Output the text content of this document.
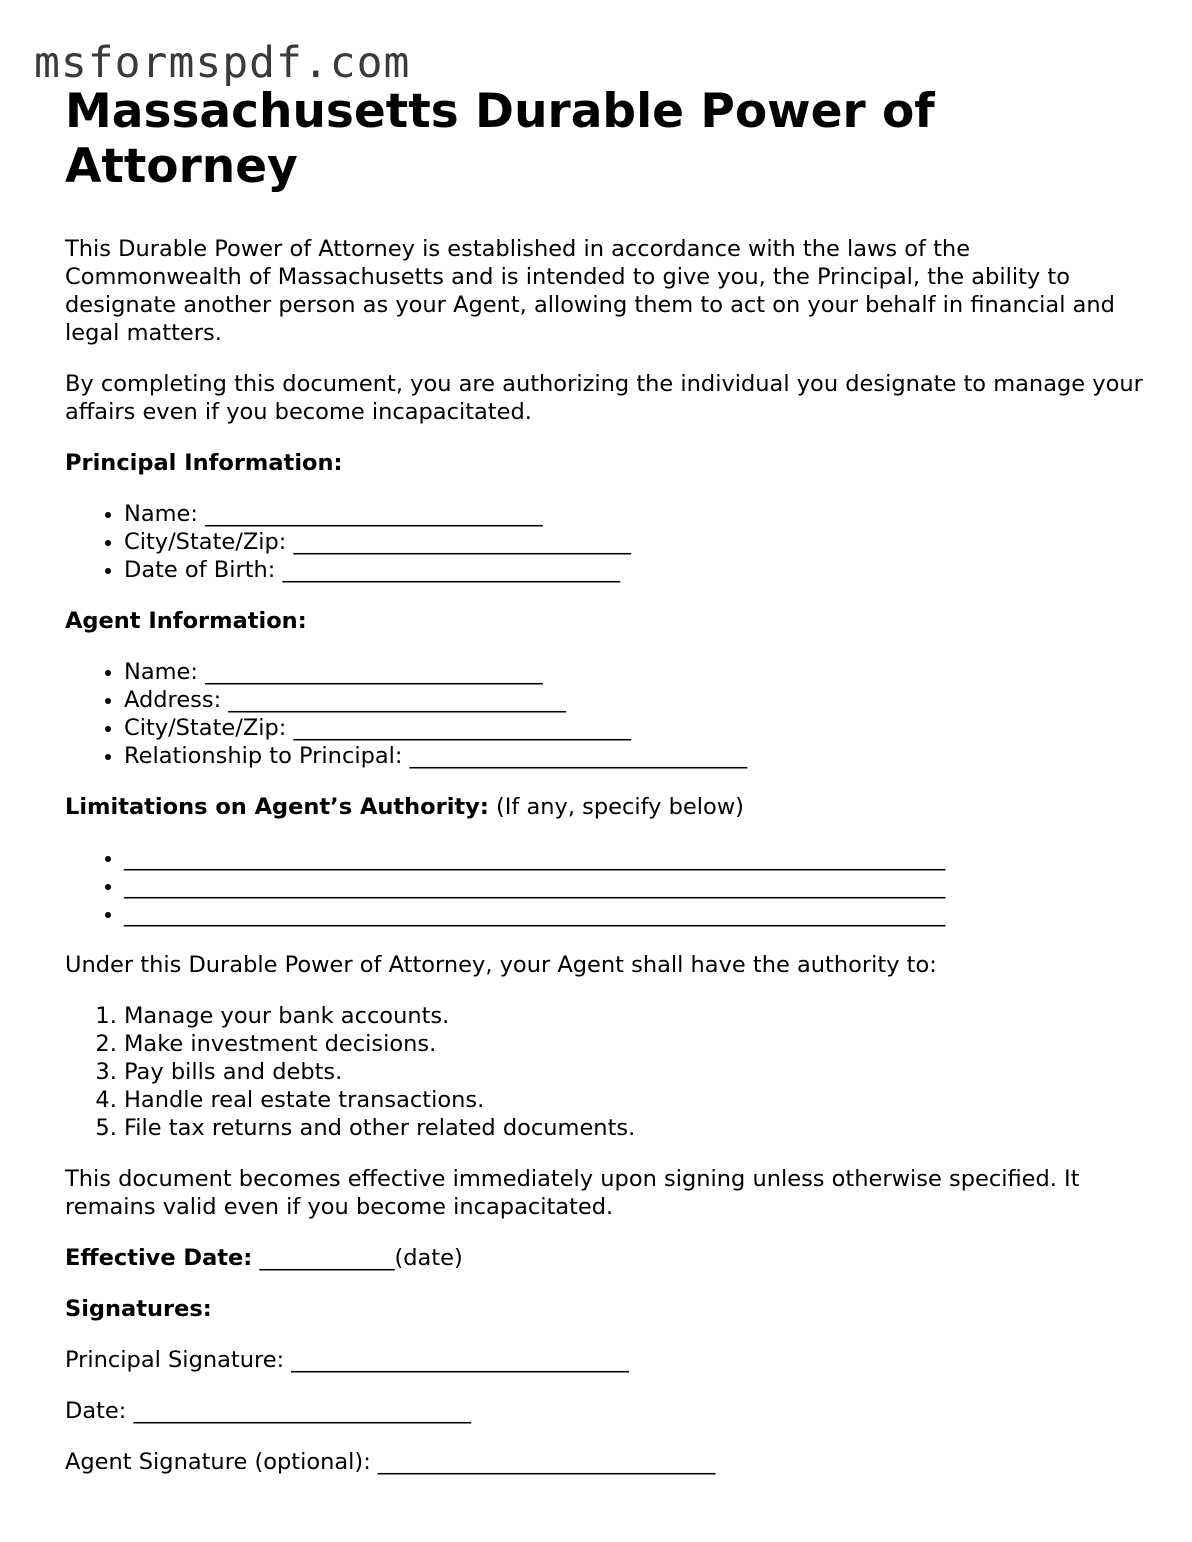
msformspdf.com
Massachusetts Durable Power of Attorney

This Durable Power of Attorney is established in accordance with the laws of the Commonwealth of Massachusetts and is intended to give you, the Principal, the ability to designate another person as your Agent, allowing them to act on your behalf in financial and legal matters.

By completing this document, you are authorizing the individual you designate to manage your affairs even if you become incapacitated.

Principal Information:

• Name: ______________________________
• City/State/Zip: ______________________________
• Date of Birth: ______________________________

Agent Information:

• Name: ______________________________
• Address: ______________________________
• City/State/Zip: ______________________________
• Relationship to Principal: ______________________________

Limitations on Agent’s Authority: (If any, specify below)

• _________________________________________________________________________
• _________________________________________________________________________
• _________________________________________________________________________

Under this Durable Power of Attorney, your Agent shall have the authority to:

1. Manage your bank accounts.
2. Make investment decisions.
3. Pay bills and debts.
4. Handle real estate transactions.
5. File tax returns and other related documents.

This document becomes effective immediately upon signing unless otherwise specified. It remains valid even if you become incapacitated.

Effective Date: ____________(date)

Signatures:

Principal Signature: ______________________________

Date: ______________________________

Agent Signature (optional): ______________________________
